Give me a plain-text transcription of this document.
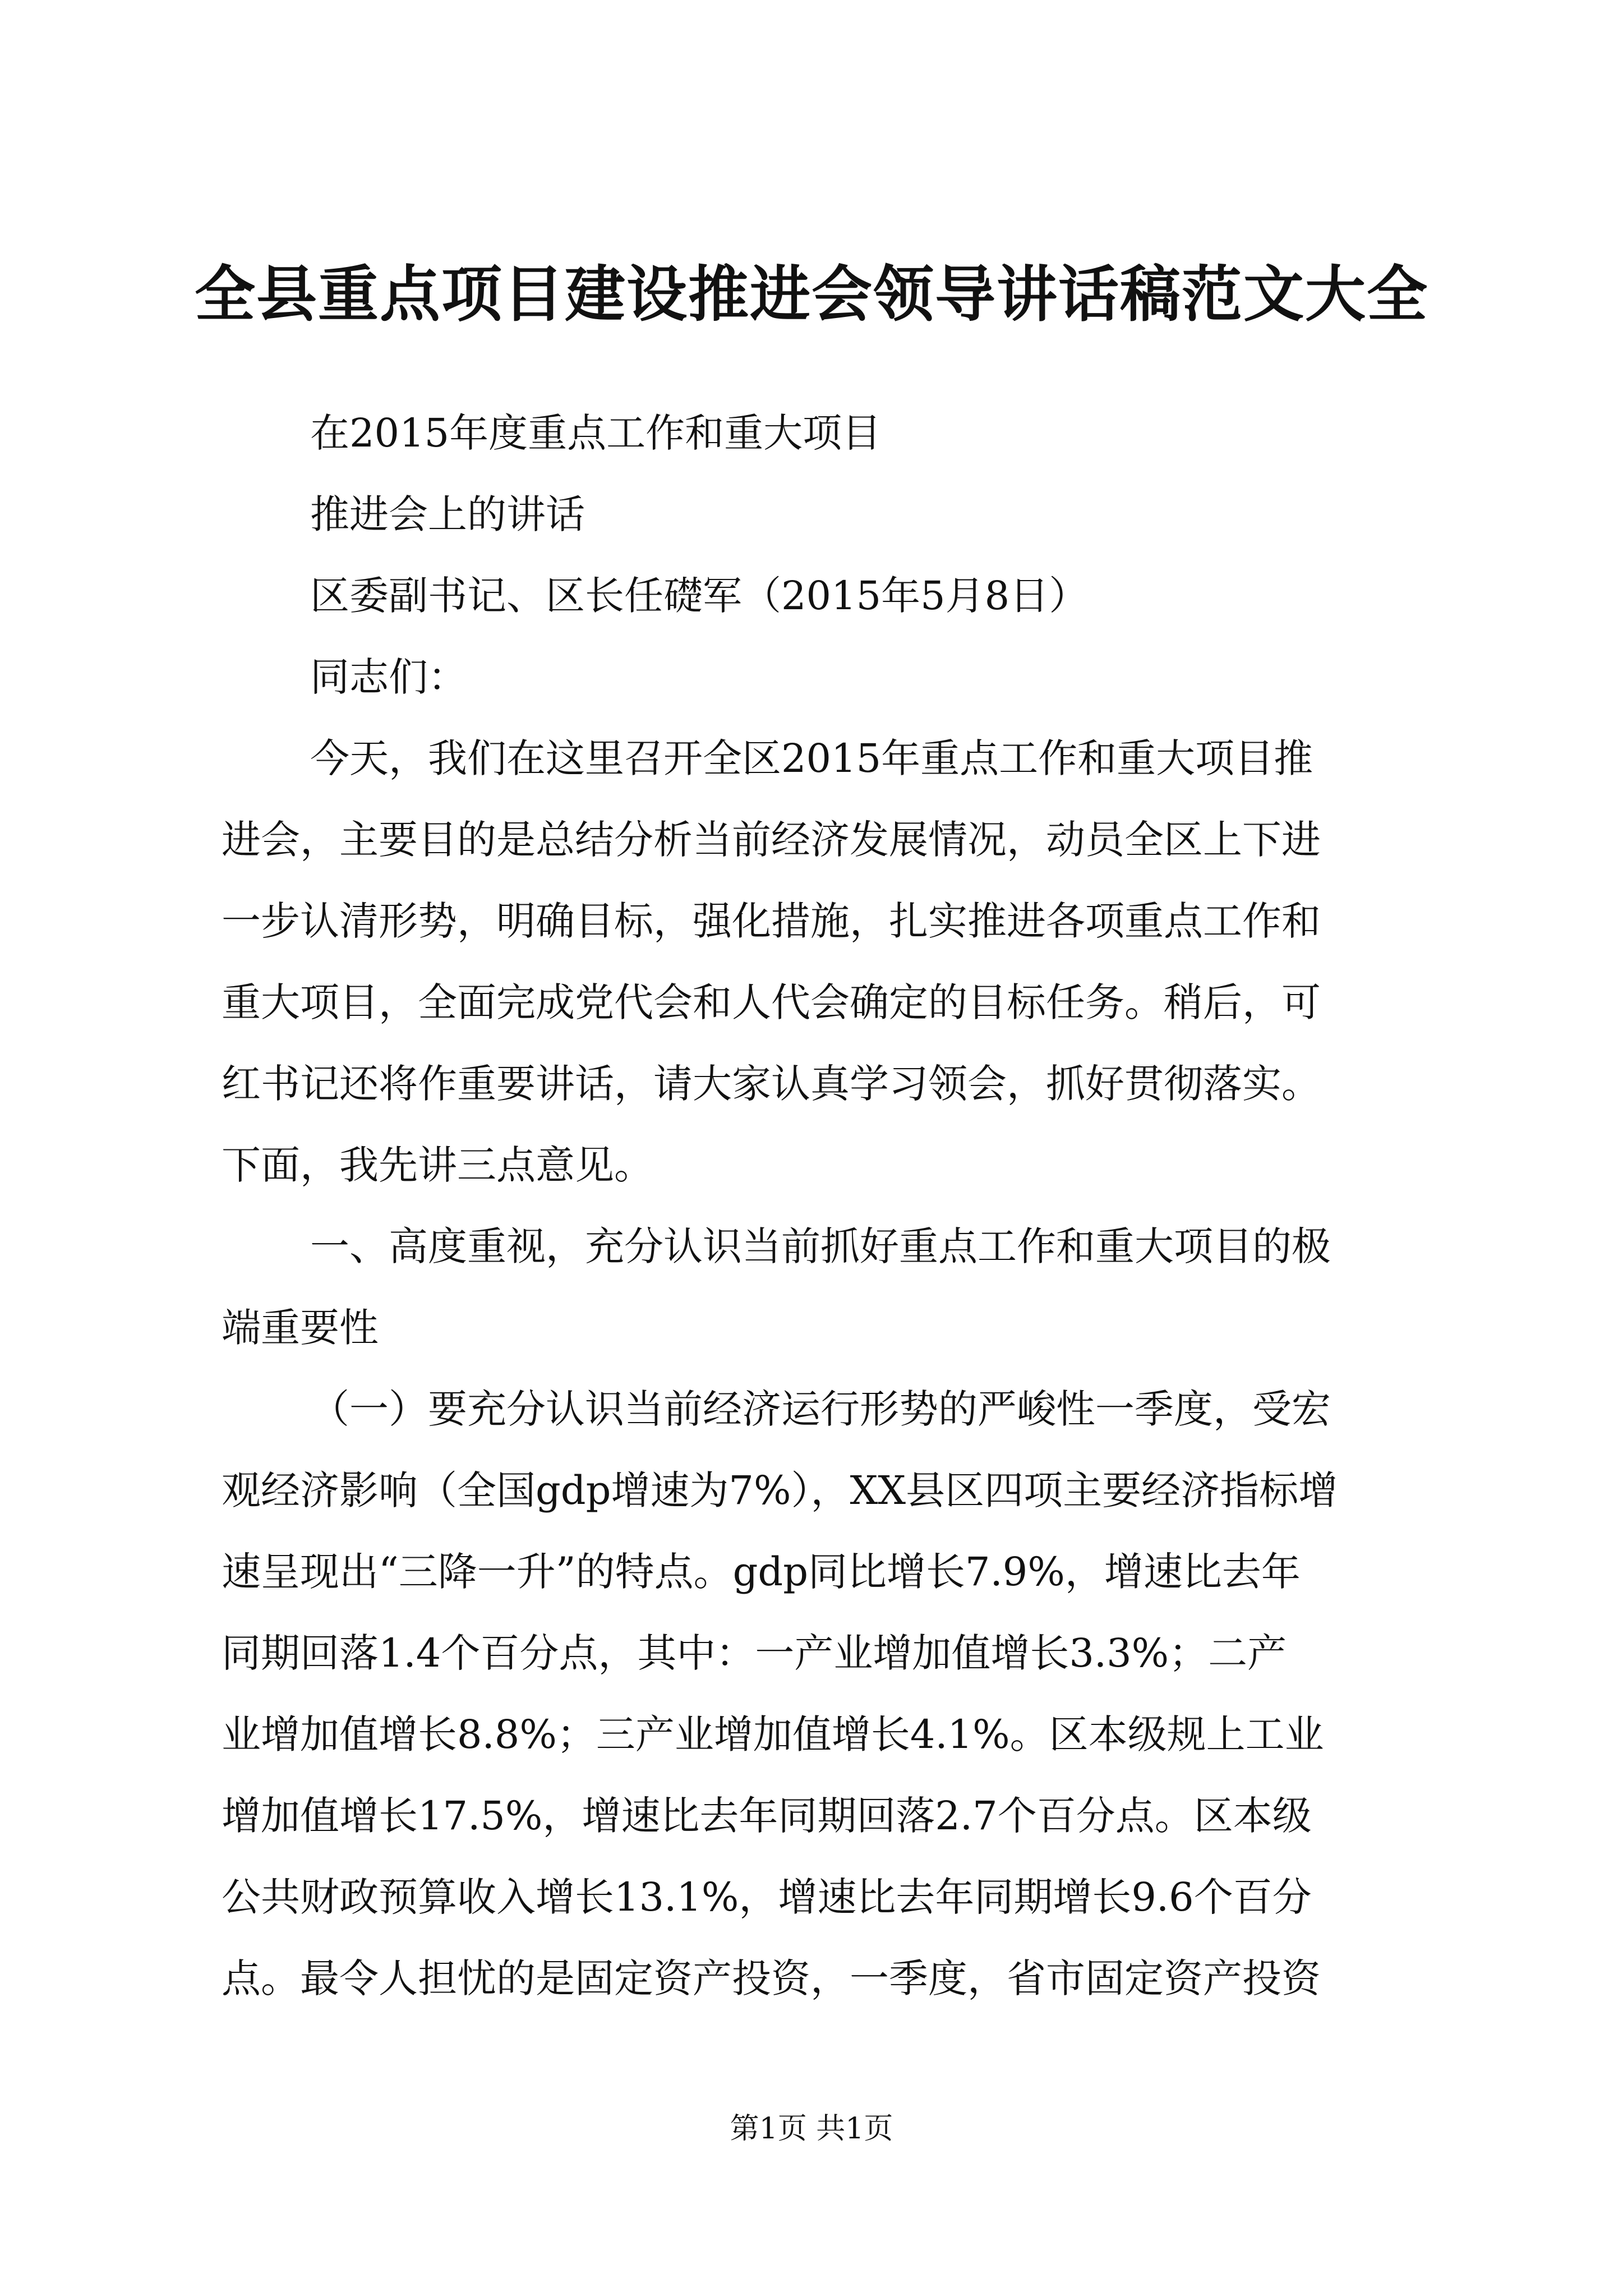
全县重点项目建设推进会领导讲话稿范文大全
在2015年度重点工作和重大项目
推进会上的讲话
区委副书记、区长任礎军（2015年5月8日）
同志们：
今天，我们在这里召开全区2015年重点工作和重大项目推
进会，主要目的是总结分析当前经济发展情况，动员全区上下进
一步认清形势，明确目标，强化措施，扎实推进各项重点工作和
重大项目，全面完成党代会和人代会确定的目标任务。稍后，可
红书记还将作重要讲话，请大家认真学习领会，抓好贯彻落实。
下面，我先讲三点意见。
一、高度重视，充分认识当前抓好重点工作和重大项目的极
端重要性
（一）要充分认识当前经济运行形势的严峻性一季度，受宏
观经济影响（全国gdp增速为7%），XX县区四项主要经济指标增
速呈现出“三降一升”的特点。gdp同比增长7.9%，增速比去年
同期回落1.4个百分点，其中：一产业增加值增长3.3%；二产
业增加值增长8.8%；三产业增加值增长4.1%。区本级规上工业
增加值增长17.5%，增速比去年同期回落2.7个百分点。区本级
公共财政预算收入增长13.1%，增速比去年同期增长9.6个百分
点。最令人担忧的是固定资产投资，一季度，省市固定资产投资
第1页 共1页
